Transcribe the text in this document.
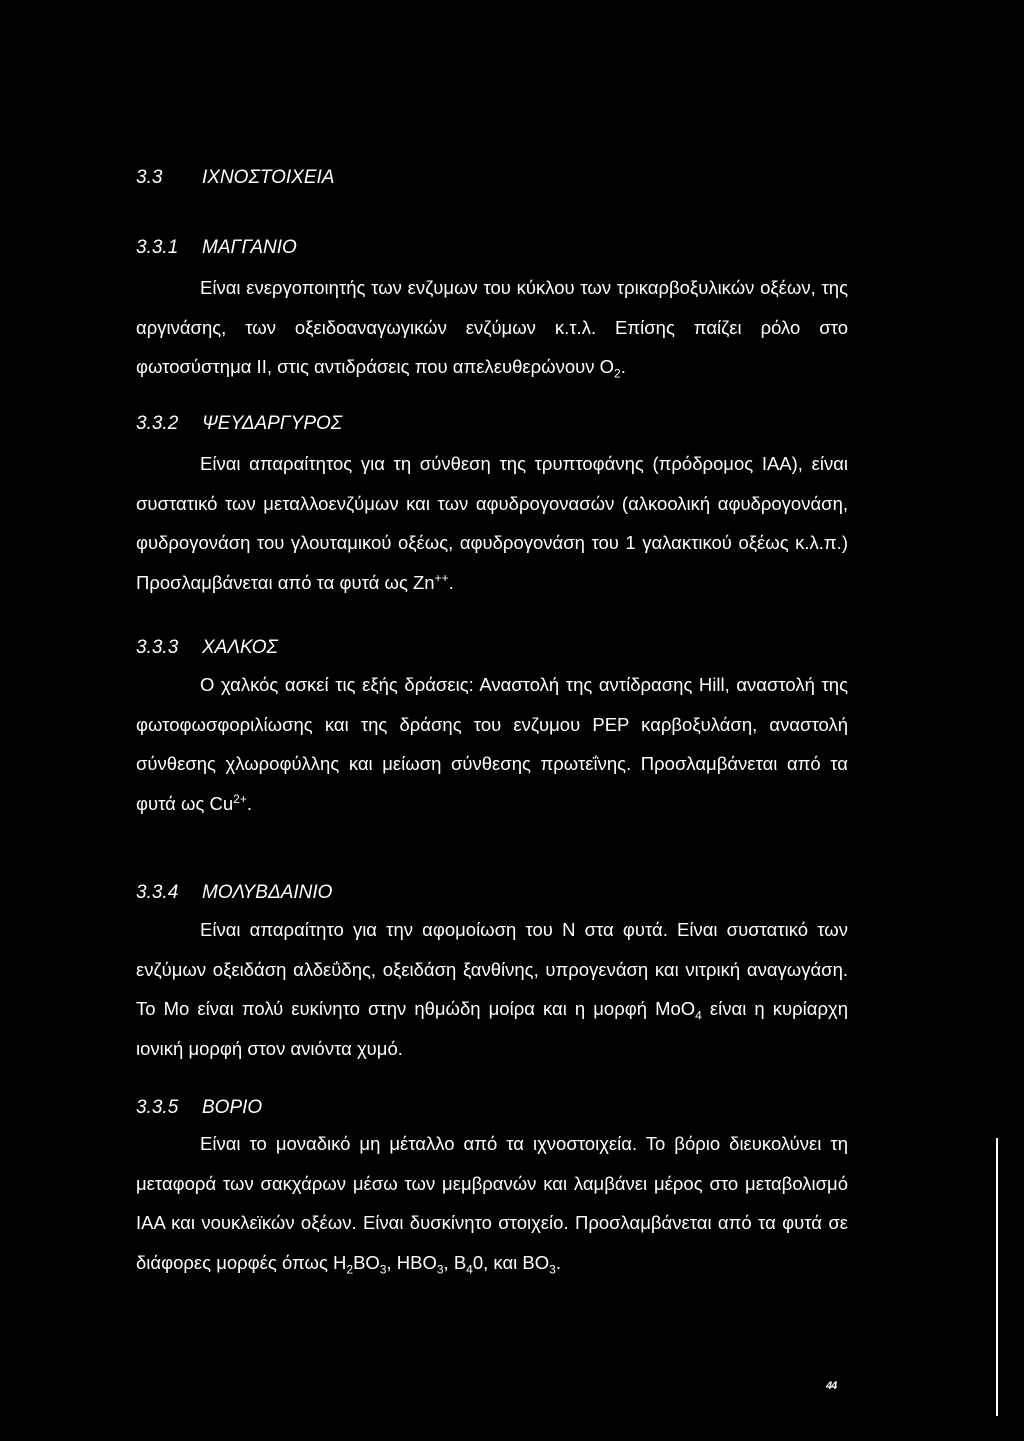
3.3 ΙΧΝΟΣΤΟΙΧΕΙΑ
3.3.1 ΜΑΓΓΑΝΙΟ

Είναι ενεργοποιητής των ενζυμων του κύκλου των τρικαρβοξυλικών οξέων, της αργινάσης, των οξειδοαναγωγικών ενζύμων κ.τ.λ. Επίσης παίζει ρόλο στο φωτοσύστημα ΙΙ, στις αντιδράσεις που απελευθερώνουν $O_2$.

3.3.2 ΨΕΥΔΑΡΓΥΡΟΣ

Είναι απαραίτητος για τη σύνθεση της τρυπτοφάνης (πρόδρομος ΙΑΑ), είναι συστατικό των μεταλλοενζύμων και των αφυδρογονασών (αλκοολική αφυδρογονάση, φυδρογονάση του γλουταμικού οξέως, αφυδρογονάση του 1 γαλακτικού οξέως κ.λ.π.) Προσλαμβάνεται από τα φυτά ως Zn++.

3.3.3 ΧΑΛΚΟΣ

Ο χαλκός ασκεί τις εξής δράσεις: Αναστολή της αντίδρασης Hill, αναστολή της φωτοφωσφοριλίωσης και της δράσης του ενζυμου PEP καρβοξυλάση, αναστολή σύνθεσης χλωροφύλλης και μείωση σύνθεσης πρωτεΐνης. Προσλαμβάνεται από τα φυτά ως $Cu^{2+}$.

3.3.4 ΜΟΛΥΒΔΑΙΝΙΟ

Είναι απαραίτητο για την αφομοίωση του Ν στα φυτά. Είναι συστατικό των ενζύμων οξειδάση αλδεΰδης, οξειδάση ξανθίνης, υπρογενάση και νιτρική αναγωγάση. Το Mo είναι πολύ ευκίνητο στην ηθμώδη μοίρα και η μορφή MoO$_4$ είναι η κυρίαρχη ιονική μορφή στον ανιόντα χυμό.

3.3.5 ΒΟΡΙΟ

Είναι το μοναδικό μη μέταλλο από τα ιχνοστοιχεία. Το βόριο διευκολύνει τη μεταφορά των σακχάρων μέσω των μεμβρανών και λαμβάνει μέρος στο μεταβολισμό ΙΑΑ και νουκλεϊκών οξέων. Είναι δυσκίνητο στοιχείο. Προσλαμβάνεται από τα φυτά σε διάφορες μορφές όπως $H_2BO_3$, $HBO_3$, $B_40$, και $BO_3$.

44
